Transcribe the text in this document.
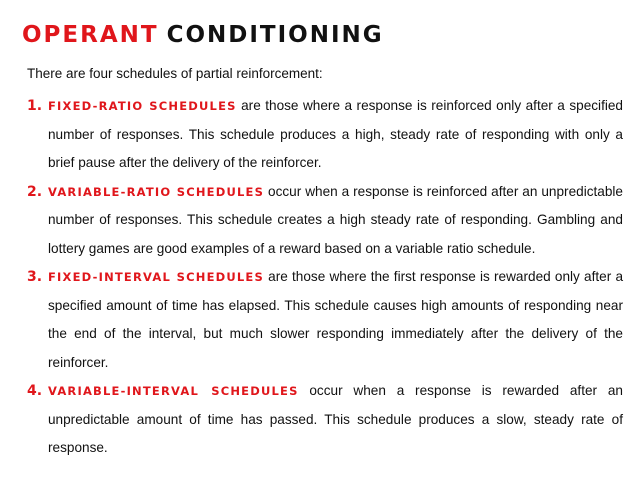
OPERANT CONDITIONING
There are four schedules of partial reinforcement:
1. FIXED-RATIO SCHEDULES are those where a response is reinforced only after a specified number of responses. This schedule produces a high, steady rate of responding with only a brief pause after the delivery of the reinforcer.
2. VARIABLE-RATIO SCHEDULES occur when a response is reinforced after an unpredictable number of responses. This schedule creates a high steady rate of responding. Gambling and lottery games are good examples of a reward based on a variable ratio schedule.
3. FIXED-INTERVAL SCHEDULES are those where the first response is rewarded only after a specified amount of time has elapsed. This schedule causes high amounts of responding near the end of the interval, but much slower responding immediately after the delivery of the reinforcer.
4. VARIABLE-INTERVAL SCHEDULES occur when a response is rewarded after an unpredictable amount of time has passed. This schedule produces a slow, steady rate of response.
